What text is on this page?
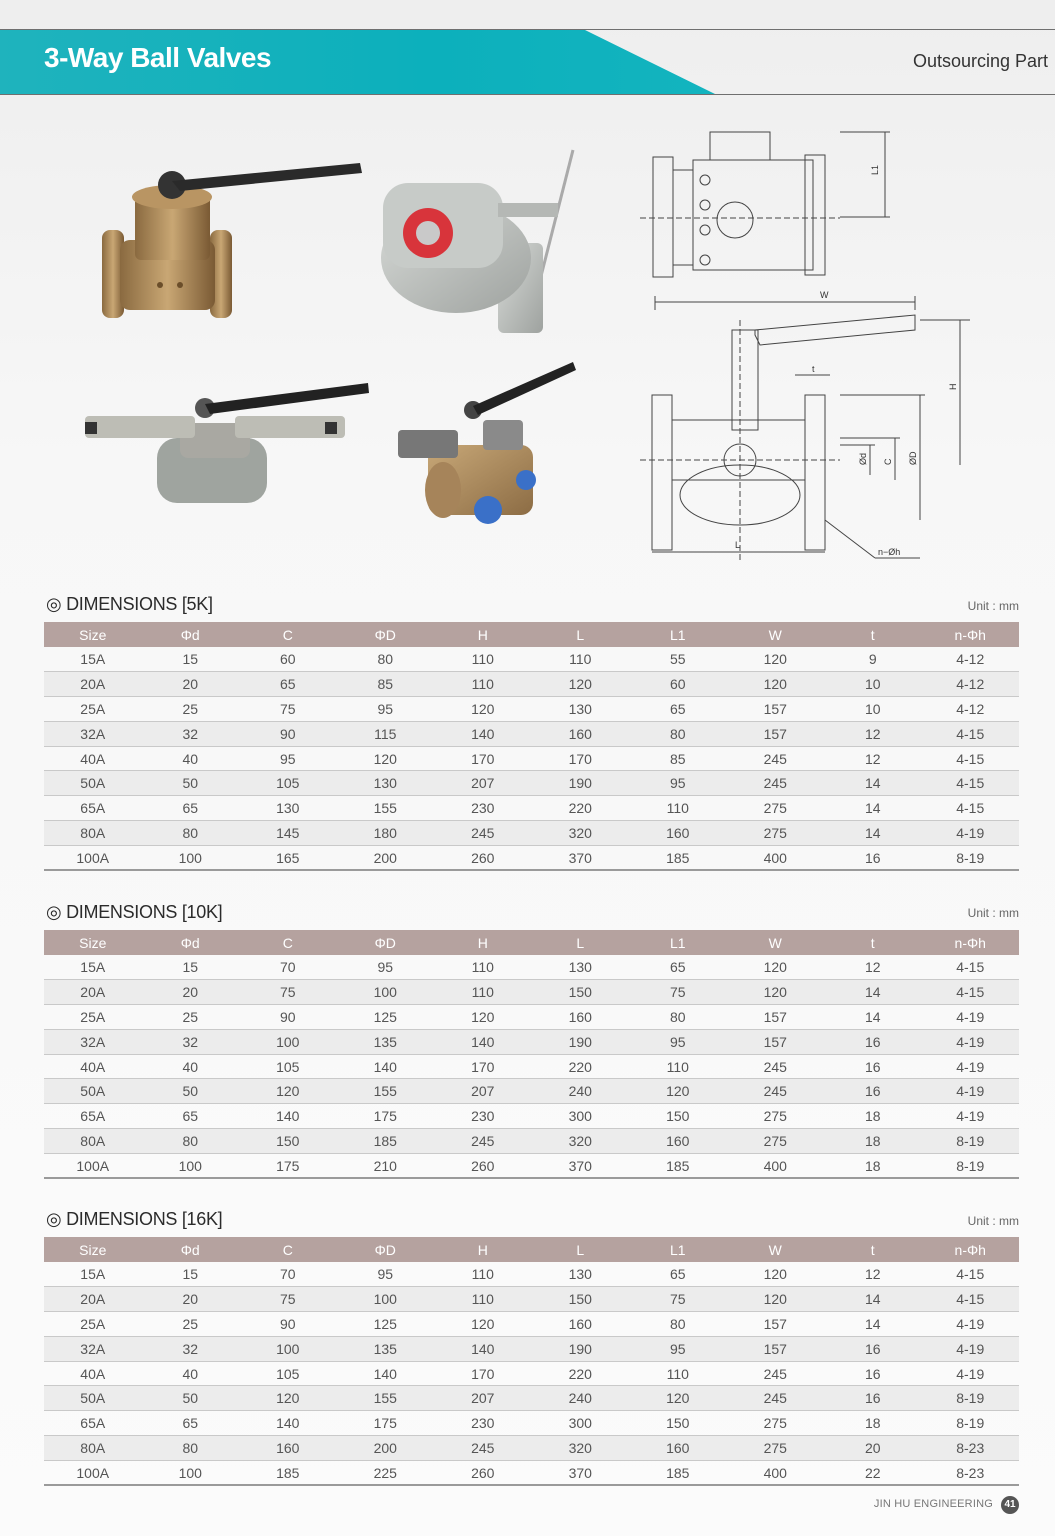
3-Way Ball Valves	Outsourcing Part
L1
W
H
t
Ød C ØD
L
n−Øh
◎ DIMENSIONS [5K]	Unit : mm
Size	Φd	C	ΦD	H	L	L1	W	t	n-Φh
15A	15	60	80	110	110	55	120	9	4-12
20A	20	65	85	110	120	60	120	10	4-12
25A	25	75	95	120	130	65	157	10	4-12
32A	32	90	115	140	160	80	157	12	4-15
40A	40	95	120	170	170	85	245	12	4-15
50A	50	105	130	207	190	95	245	14	4-15
65A	65	130	155	230	220	110	275	14	4-15
80A	80	145	180	245	320	160	275	14	4-19
100A	100	165	200	260	370	185	400	16	8-19
◎ DIMENSIONS [10K]	Unit : mm
Size	Φd	C	ΦD	H	L	L1	W	t	n-Φh
15A	15	70	95	110	130	65	120	12	4-15
20A	20	75	100	110	150	75	120	14	4-15
25A	25	90	125	120	160	80	157	14	4-19
32A	32	100	135	140	190	95	157	16	4-19
40A	40	105	140	170	220	110	245	16	4-19
50A	50	120	155	207	240	120	245	16	4-19
65A	65	140	175	230	300	150	275	18	4-19
80A	80	150	185	245	320	160	275	18	8-19
100A	100	175	210	260	370	185	400	18	8-19
◎ DIMENSIONS [16K]	Unit : mm
Size	Φd	C	ΦD	H	L	L1	W	t	n-Φh
15A	15	70	95	110	130	65	120	12	4-15
20A	20	75	100	110	150	75	120	14	4-15
25A	25	90	125	120	160	80	157	14	4-19
32A	32	100	135	140	190	95	157	16	4-19
40A	40	105	140	170	220	110	245	16	4-19
50A	50	120	155	207	240	120	245	16	8-19
65A	65	140	175	230	300	150	275	18	8-19
80A	80	160	200	245	320	160	275	20	8-23
100A	100	185	225	260	370	185	400	22	8-23
JIN HU ENGINEERING	41
